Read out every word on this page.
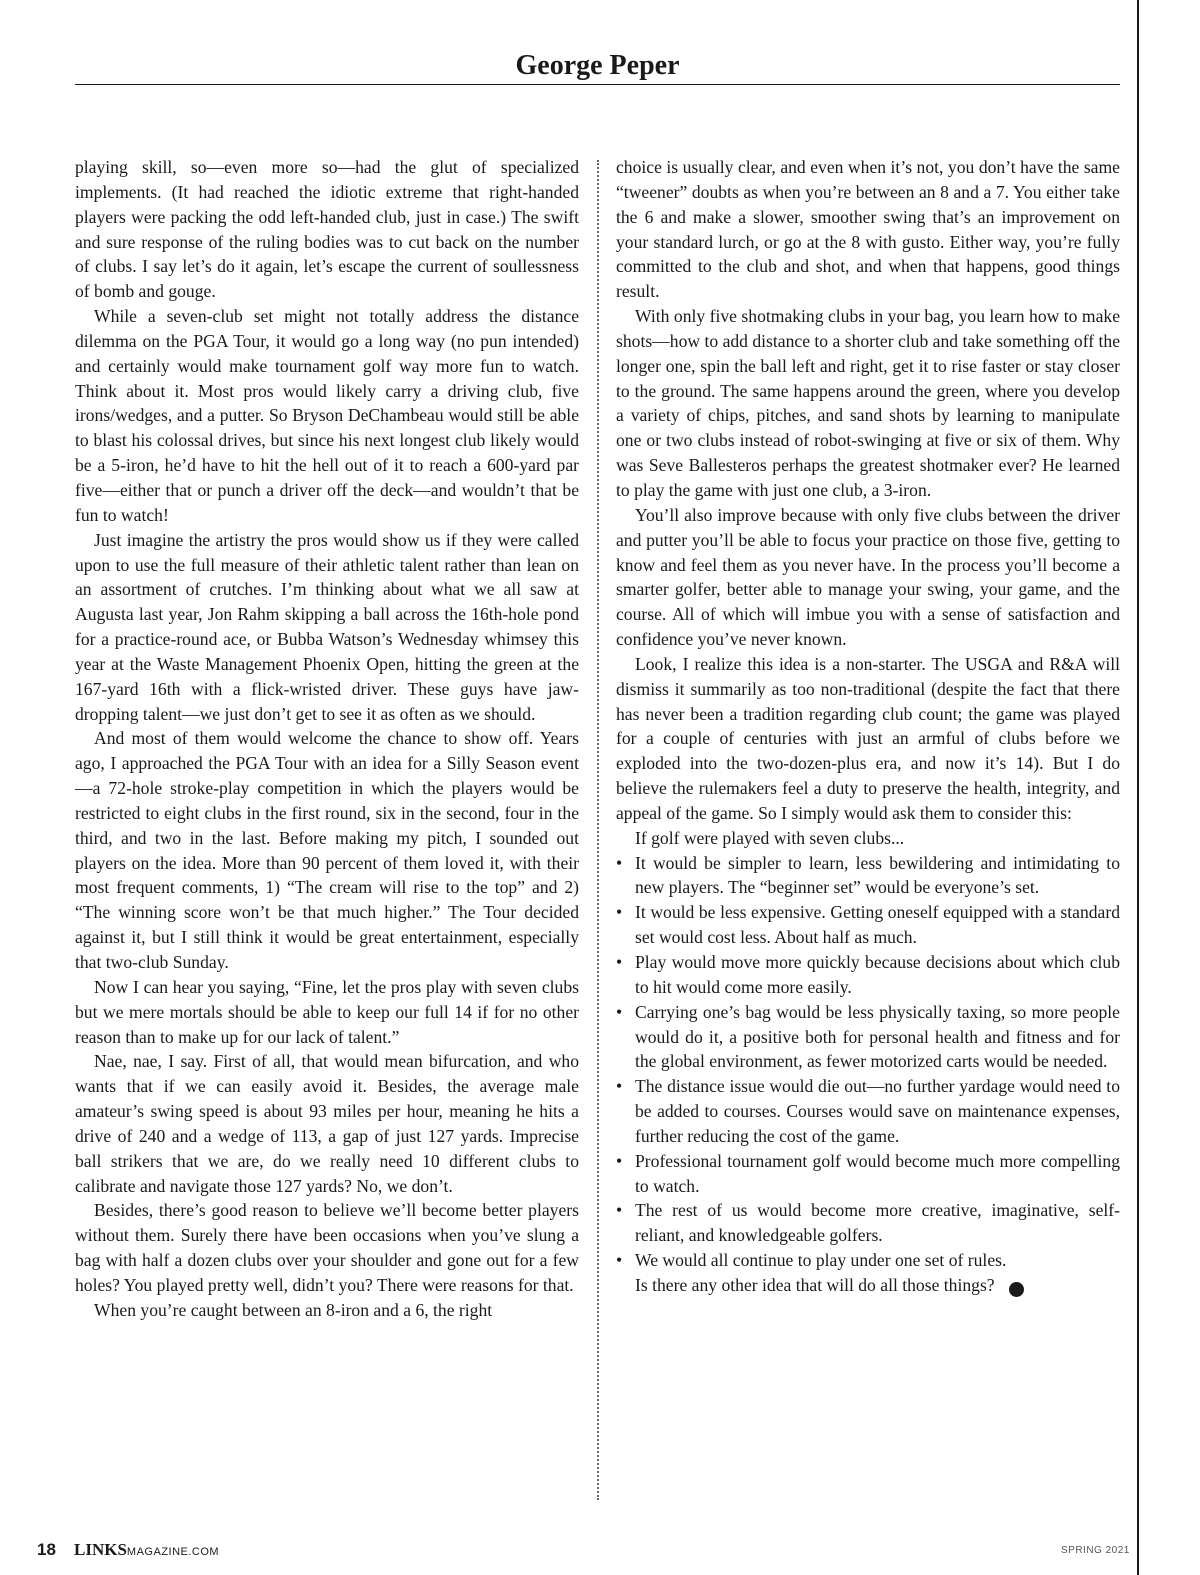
George Peper

playing skill, so—even more so—had the glut of specialized implements. (It had reached the idiotic extreme that right-handed players were packing the odd left-handed club, just in case.) The swift and sure response of the ruling bodies was to cut back on the number of clubs. I say let’s do it again, let’s escape the current of soullessness of bomb and gouge.

While a seven-club set might not totally address the distance dilemma on the PGA Tour, it would go a long way (no pun intended) and certainly would make tournament golf way more fun to watch. Think about it. Most pros would likely carry a driving club, five irons/wedges, and a putter. So Bryson DeChambeau would still be able to blast his colossal drives, but since his next longest club likely would be a 5-iron, he’d have to hit the hell out of it to reach a 600-yard par five—either that or punch a driver off the deck—and wouldn’t that be fun to watch!

Just imagine the artistry the pros would show us if they were called upon to use the full measure of their athletic talent rather than lean on an assortment of crutches. I’m thinking about what we all saw at Augusta last year, Jon Rahm skipping a ball across the 16th-hole pond for a practice-round ace, or Bubba Watson’s Wednesday whimsey this year at the Waste Management Phoenix Open, hitting the green at the 167-yard 16th with a flick-wristed driver. These guys have jaw-dropping talent—we just don’t get to see it as often as we should.

And most of them would welcome the chance to show off. Years ago, I approached the PGA Tour with an idea for a Silly Season event—a 72-hole stroke-play competition in which the players would be restricted to eight clubs in the first round, six in the second, four in the third, and two in the last. Before making my pitch, I sounded out players on the idea. More than 90 percent of them loved it, with their most frequent comments, 1) “The cream will rise to the top” and 2) “The winning score won’t be that much higher.” The Tour decided against it, but I still think it would be great entertainment, especially that two-club Sunday.

Now I can hear you saying, “Fine, let the pros play with seven clubs but we mere mortals should be able to keep our full 14 if for no other reason than to make up for our lack of talent.”

Nae, nae, I say. First of all, that would mean bifurcation, and who wants that if we can easily avoid it. Besides, the average male amateur’s swing speed is about 93 miles per hour, meaning he hits a drive of 240 and a wedge of 113, a gap of just 127 yards. Imprecise ball strikers that we are, do we really need 10 different clubs to calibrate and navigate those 127 yards? No, we don’t.

Besides, there’s good reason to believe we’ll become better players without them. Surely there have been occasions when you’ve slung a bag with half a dozen clubs over your shoulder and gone out for a few holes? You played pretty well, didn’t you? There were reasons for that.

When you’re caught between an 8-iron and a 6, the right

choice is usually clear, and even when it’s not, you don’t have the same “tweener” doubts as when you’re between an 8 and a 7. You either take the 6 and make a slower, smoother swing that’s an improvement on your standard lurch, or go at the 8 with gusto. Either way, you’re fully committed to the club and shot, and when that happens, good things result.

With only five shotmaking clubs in your bag, you learn how to make shots—how to add distance to a shorter club and take something off the longer one, spin the ball left and right, get it to rise faster or stay closer to the ground. The same happens around the green, where you develop a variety of chips, pitches, and sand shots by learning to manipulate one or two clubs instead of robot-swinging at five or six of them. Why was Seve Ballesteros perhaps the greatest shotmaker ever? He learned to play the game with just one club, a 3-iron.

You’ll also improve because with only five clubs between the driver and putter you’ll be able to focus your practice on those five, getting to know and feel them as you never have. In the process you’ll become a smarter golfer, better able to manage your swing, your game, and the course. All of which will imbue you with a sense of satisfaction and confidence you’ve never known.

Look, I realize this idea is a non-starter. The USGA and R&A will dismiss it summarily as too non-traditional (despite the fact that there has never been a tradition regarding club count; the game was played for a couple of centuries with just an armful of clubs before we exploded into the two-dozen-plus era, and now it’s 14). But I do believe the rulemakers feel a duty to preserve the health, integrity, and appeal of the game. So I simply would ask them to consider this:

If golf were played with seven clubs...

• It would be simpler to learn, less bewildering and intimidating to new players. The “beginner set” would be everyone’s set.
• It would be less expensive. Getting oneself equipped with a standard set would cost less. About half as much.
• Play would move more quickly because decisions about which club to hit would come more easily.
• Carrying one’s bag would be less physically taxing, so more people would do it, a positive both for personal health and fitness and for the global environment, as fewer motorized carts would be needed.
• The distance issue would die out—no further yardage would need to be added to courses. Courses would save on maintenance expenses, further reducing the cost of the game.
• Professional tournament golf would become much more compelling to watch.
• The rest of us would become more creative, imaginative, self-reliant, and knowledgeable golfers.
• We would all continue to play under one set of rules.

Is there any other idea that will do all those things?	L

18 LINKSMAGAZINE.COM	SPRING 2021
